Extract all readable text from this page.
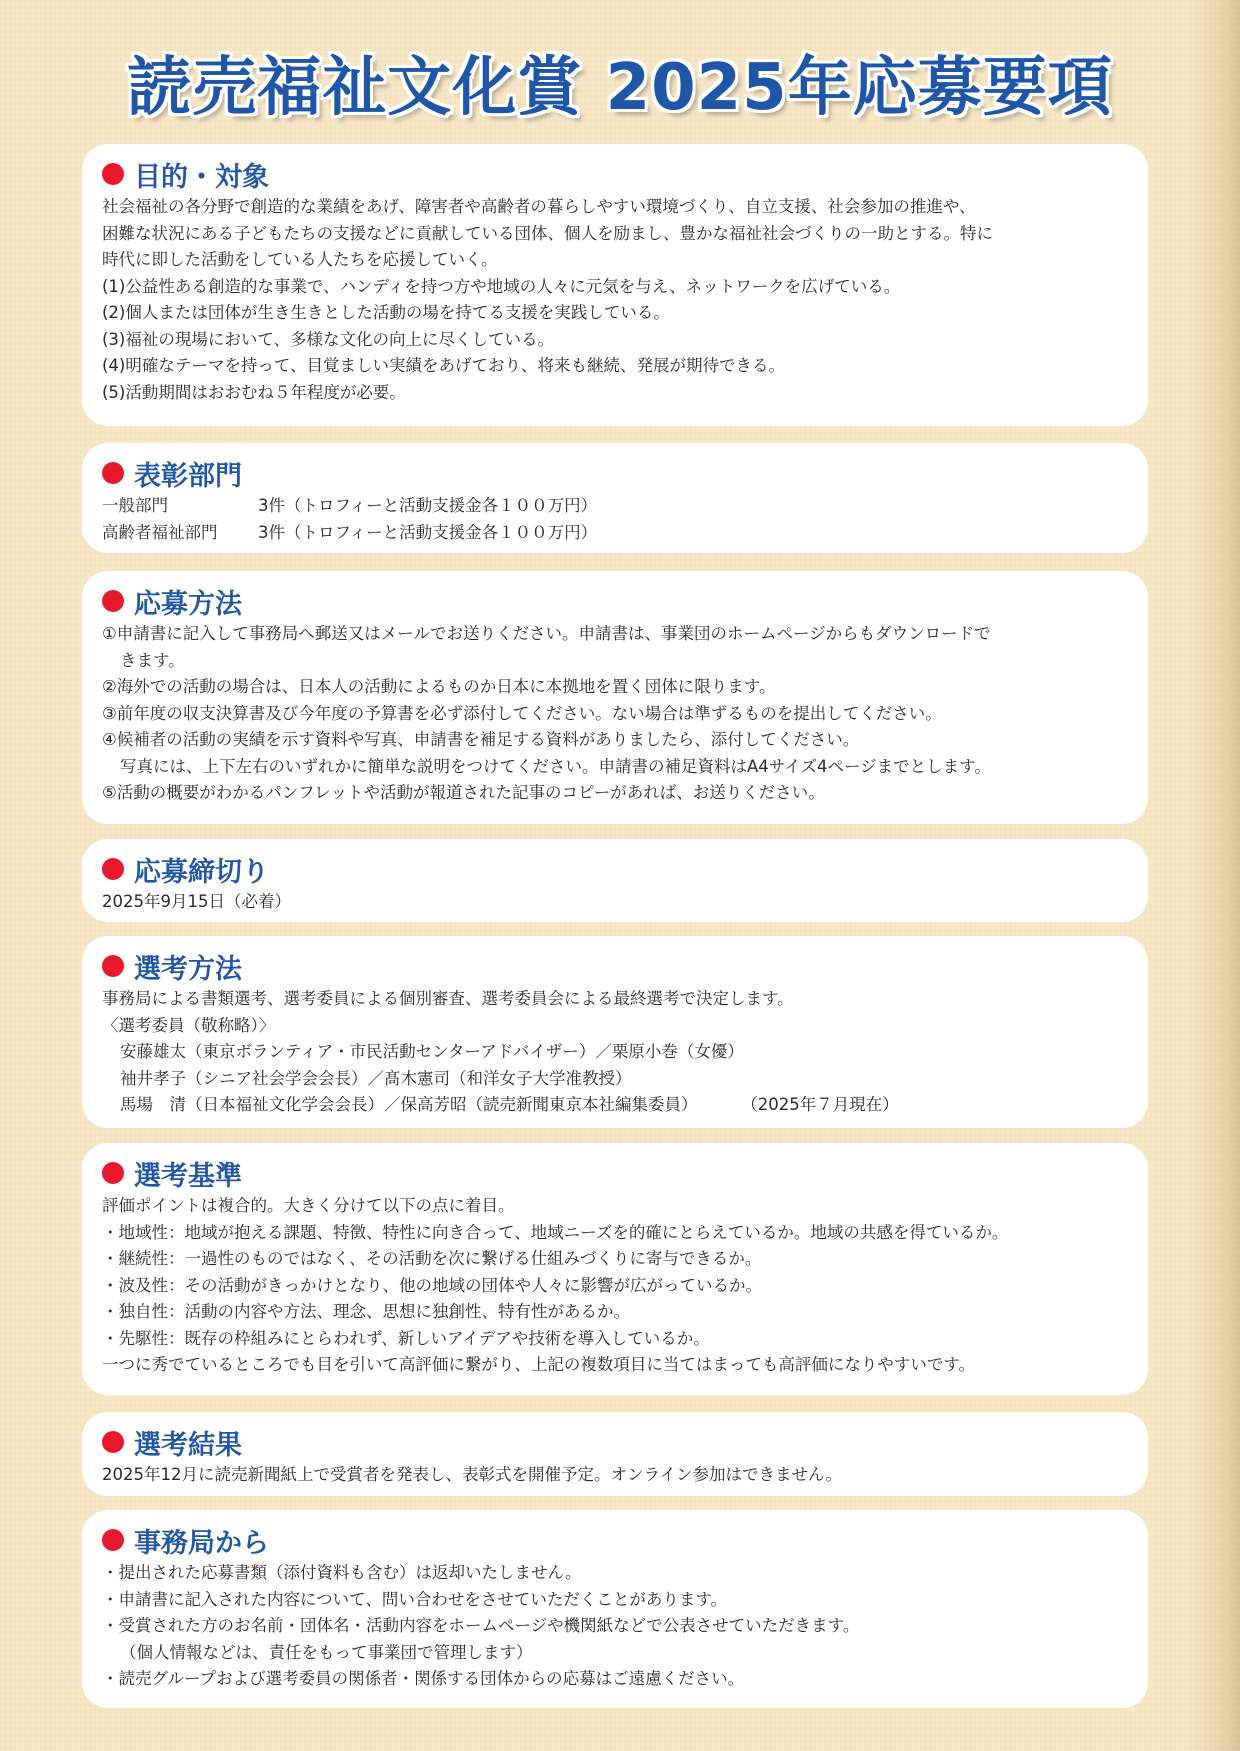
読売福祉文化賞 2025年応募要項
目的・対象
社会福祉の各分野で創造的な業績をあげ、障害者や高齢者の暮らしやすい環境づくり、自立支援、社会参加の推進や、
困難な状況にある子どもたちの支援などに貢献している団体、個人を励まし、豊かな福祉社会づくりの一助とする。特に
時代に即した活動をしている人たちを応援していく。
(1)公益性ある創造的な事業で、ハンディを持つ方や地域の人々に元気を与え、ネットワークを広げている。
(2)個人または団体が生き生きとした活動の場を持てる支援を実践している。
(3)福祉の現場において、多様な文化の向上に尽くしている。
(4)明確なテーマを持って、目覚ましい実績をあげており、将来も継続、発展が期待できる。
(5)活動期間はおおむね５年程度が必要。
表彰部門
一般部門	3件（トロフィーと活動支援金各１００万円）
高齢者福祉部門	3件（トロフィーと活動支援金各１００万円）
応募方法
①申請書に記入して事務局へ郵送又はメールでお送りください。申請書は、事業団のホームページからもダウンロードで
きます。
②海外での活動の場合は、日本人の活動によるものか日本に本拠地を置く団体に限ります。
③前年度の収支決算書及び今年度の予算書を必ず添付してください。ない場合は準ずるものを提出してください。
④候補者の活動の実績を示す資料や写真、申請書を補足する資料がありましたら、添付してください。
写真には、上下左右のいずれかに簡単な説明をつけてください。申請書の補足資料はA4サイズ4ページまでとします。
⑤活動の概要がわかるパンフレットや活動が報道された記事のコピーがあれば、お送りください。
応募締切り
2025年9月15日（必着）
選考方法
事務局による書類選考、選考委員による個別審査、選考委員会による最終選考で決定します。
〈選考委員（敬称略）〉
安藤雄太（東京ボランティア・市民活動センターアドバイザー）／栗原小巻（女優）
袖井孝子（シニア社会学会会長）／髙木憲司（和洋女子大学准教授）
馬場　清（日本福祉文化学会会長）／保高芳昭（読売新聞東京本社編集委員）	（2025年７月現在）
選考基準
評価ポイントは複合的。大きく分けて以下の点に着目。
・地域性：地域が抱える課題、特徴、特性に向き合って、地域ニーズを的確にとらえているか。地域の共感を得ているか。
・継続性：一過性のものではなく、その活動を次に繋げる仕組みづくりに寄与できるか。
・波及性：その活動がきっかけとなり、他の地域の団体や人々に影響が広がっているか。
・独自性：活動の内容や方法、理念、思想に独創性、特有性があるか。
・先駆性：既存の枠組みにとらわれず、新しいアイデアや技術を導入しているか。
一つに秀でているところでも目を引いて高評価に繋がり、上記の複数項目に当てはまっても高評価になりやすいです。
選考結果
2025年12月に読売新聞紙上で受賞者を発表し、表彰式を開催予定。オンライン参加はできません。
事務局から
・提出された応募書類（添付資料も含む）は返却いたしません。
・申請書に記入された内容について、問い合わせをさせていただくことがあります。
・受賞された方のお名前・団体名・活動内容をホームページや機関紙などで公表させていただきます。
（個人情報などは、責任をもって事業団で管理します）
・読売グループおよび選考委員の関係者・関係する団体からの応募はご遠慮ください。
